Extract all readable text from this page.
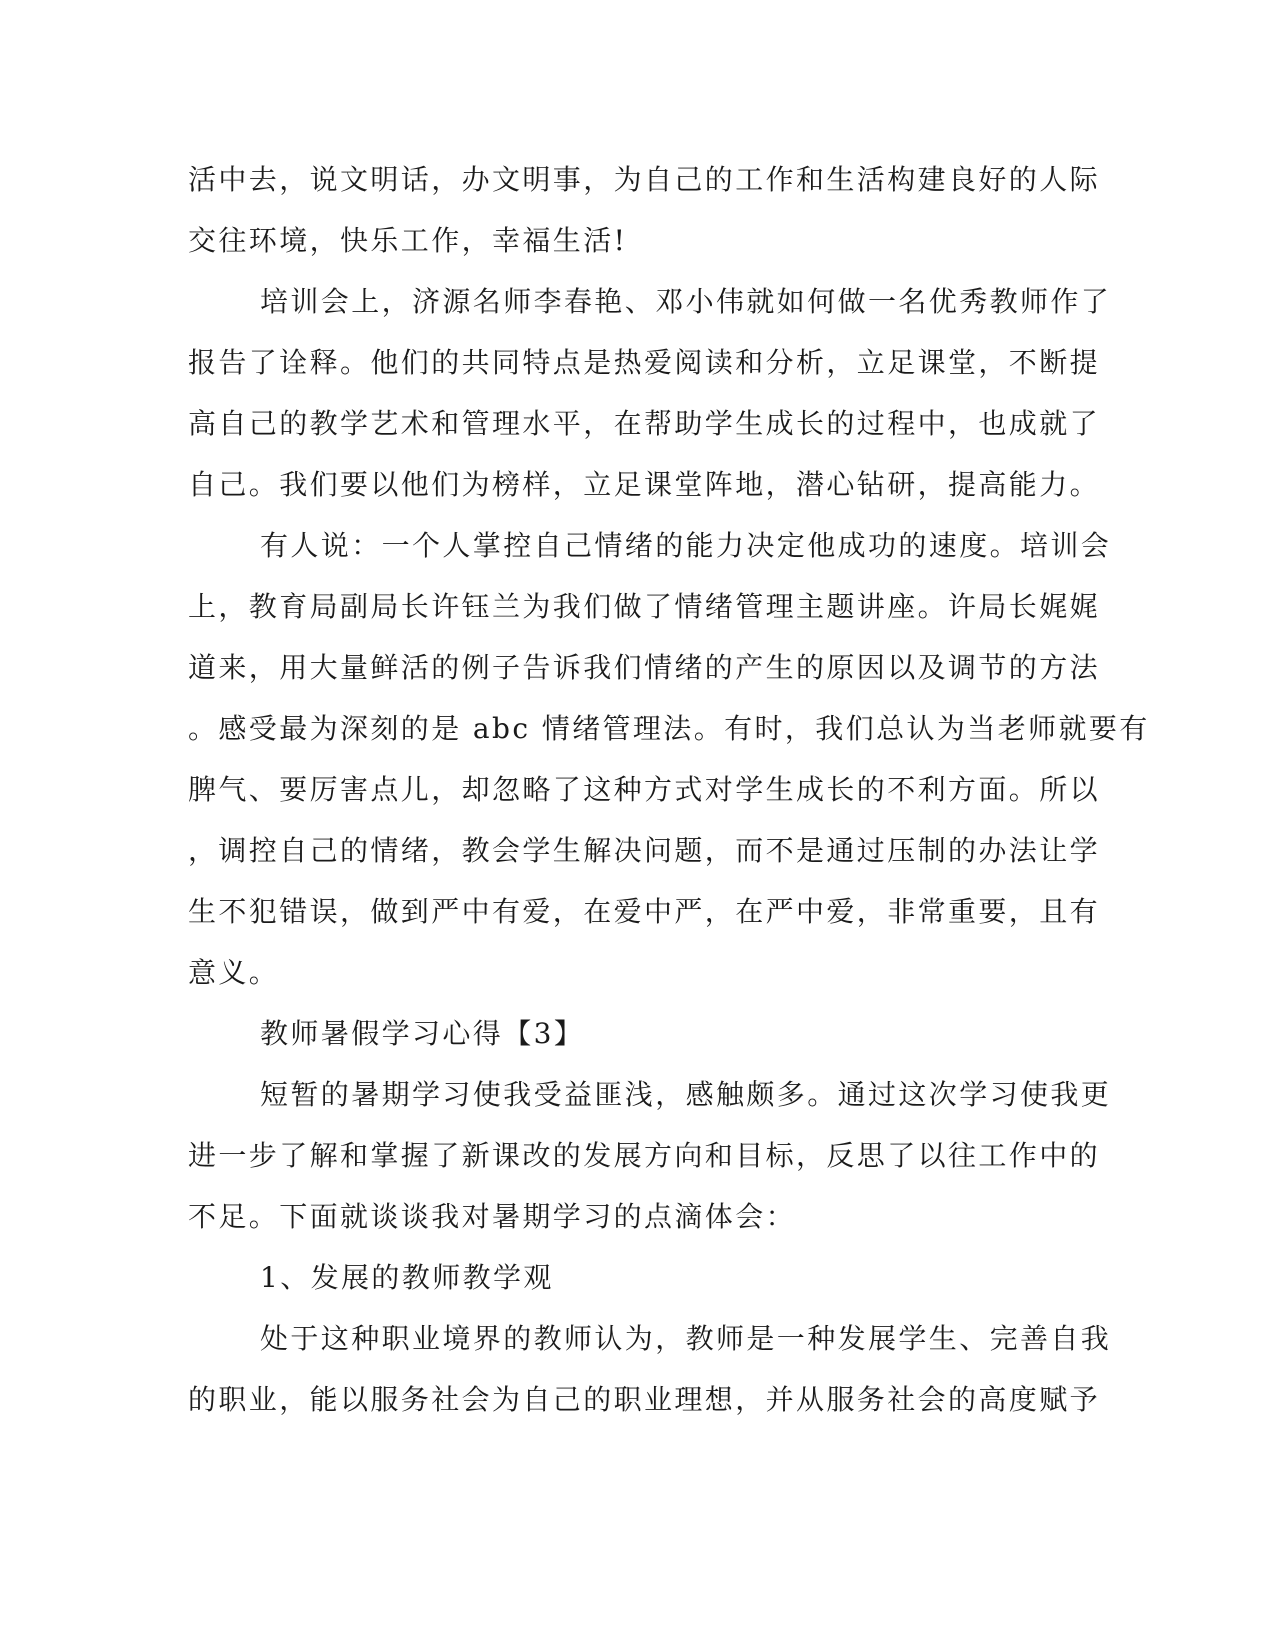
活中去，说文明话，办文明事，为自己的工作和生活构建良好的人际
交往环境，快乐工作，幸福生活!
培训会上，济源名师李春艳、邓小伟就如何做一名优秀教师作了
报告了诠释。他们的共同特点是热爱阅读和分析，立足课堂，不断提
高自己的教学艺术和管理水平，在帮助学生成长的过程中，也成就了
自己。我们要以他们为榜样，立足课堂阵地，潜心钻研，提高能力。
有人说：一个人掌控自己情绪的能力决定他成功的速度。培训会
上，教育局副局长许钰兰为我们做了情绪管理主题讲座。许局长娓娓
道来，用大量鲜活的例子告诉我们情绪的产生的原因以及调节的方法
。感受最为深刻的是 abc 情绪管理法。有时，我们总认为当老师就要有
脾气、要厉害点儿，却忽略了这种方式对学生成长的不利方面。所以
，调控自己的情绪，教会学生解决问题，而不是通过压制的办法让学
生不犯错误，做到严中有爱，在爱中严，在严中爱，非常重要，且有
意义。
教师暑假学习心得【3】
短暂的暑期学习使我受益匪浅，感触颇多。通过这次学习使我更
进一步了解和掌握了新课改的发展方向和目标，反思了以往工作中的
不足。下面就谈谈我对暑期学习的点滴体会：
1、发展的教师教学观
处于这种职业境界的教师认为，教师是一种发展学生、完善自我
的职业，能以服务社会为自己的职业理想，并从服务社会的高度赋予
